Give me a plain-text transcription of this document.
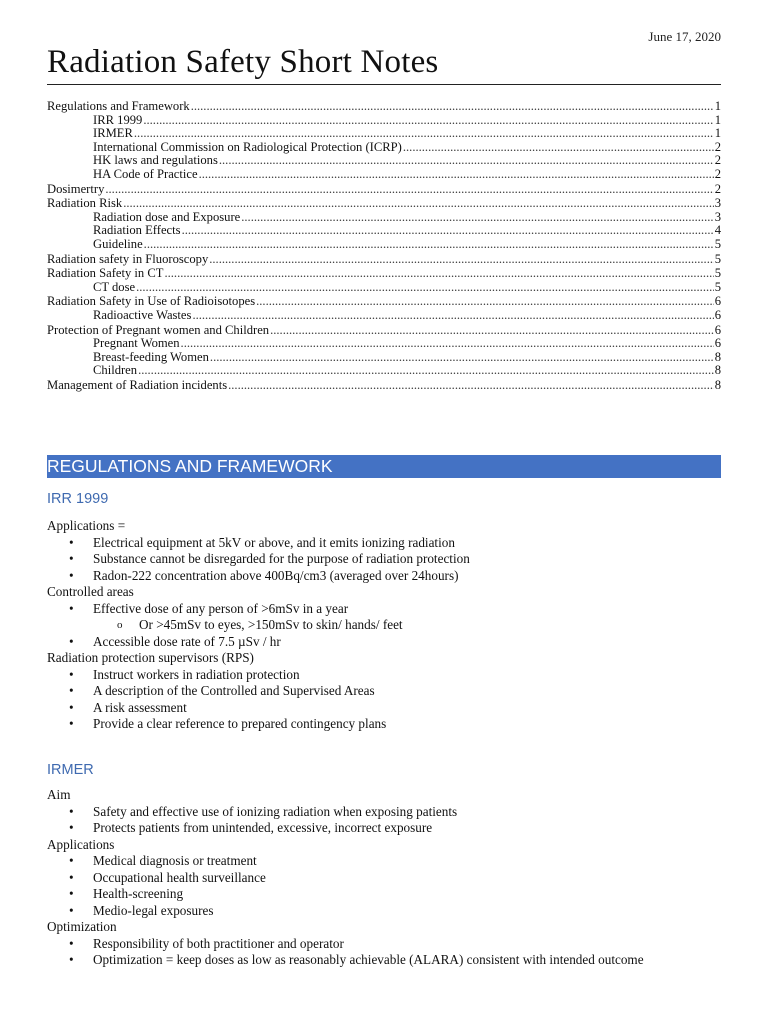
June 17, 2020
Radiation Safety Short Notes
Regulations and Framework .....	1
IRR 1999 .....	1
IRMER .....	1
International Commission on Radiological Protection (ICRP) .....	2
HK laws and regulations .....	2
HA Code of Practice .....	2
Dosimertry .....	2
Radiation Risk .....	3
Radiation dose and Exposure .....	3
Radiation Effects .....	4
Guideline .....	5
Radiation safety in Fluoroscopy .....	5
Radiation Safety in CT .....	5
CT dose .....	5
Radiation Safety in Use of Radioisotopes .....	6
Radioactive Wastes .....	6
Protection of Pregnant women and Children .....	6
Pregnant Women .....	6
Breast-feeding Women .....	8
Children .....	8
Management of Radiation incidents .....	8
REGULATIONS AND FRAMEWORK
IRR 1999

Applications =

• Electrical equipment at 5kV or above, and it emits ionizing radiation
• Substance cannot be disregarded for the purpose of radiation protection
• Radon-222 concentration above 400Bq/cm3 (averaged over 24hours)

Controlled areas

• Effective dose of any person of >6mSv in a year
o Or >45mSv to eyes, >150mSv to skin/ hands/ feet
• Accessible dose rate of 7.5 µSv / hr

Radiation protection supervisors (RPS)

• Instruct workers in radiation protection
• A description of the Controlled and Supervised Areas
• A risk assessment
• Provide a clear reference to prepared contingency plans
IRMER

Aim

• Safety and effective use of ionizing radiation when exposing patients
• Protects patients from unintended, excessive, incorrect exposure

Applications

• Medical diagnosis or treatment
• Occupational health surveillance
• Health-screening
• Medio-legal exposures

Optimization

• Responsibility of both practitioner and operator
• Optimization = keep doses as low as reasonably achievable (ALARA) consistent with intended outcome
